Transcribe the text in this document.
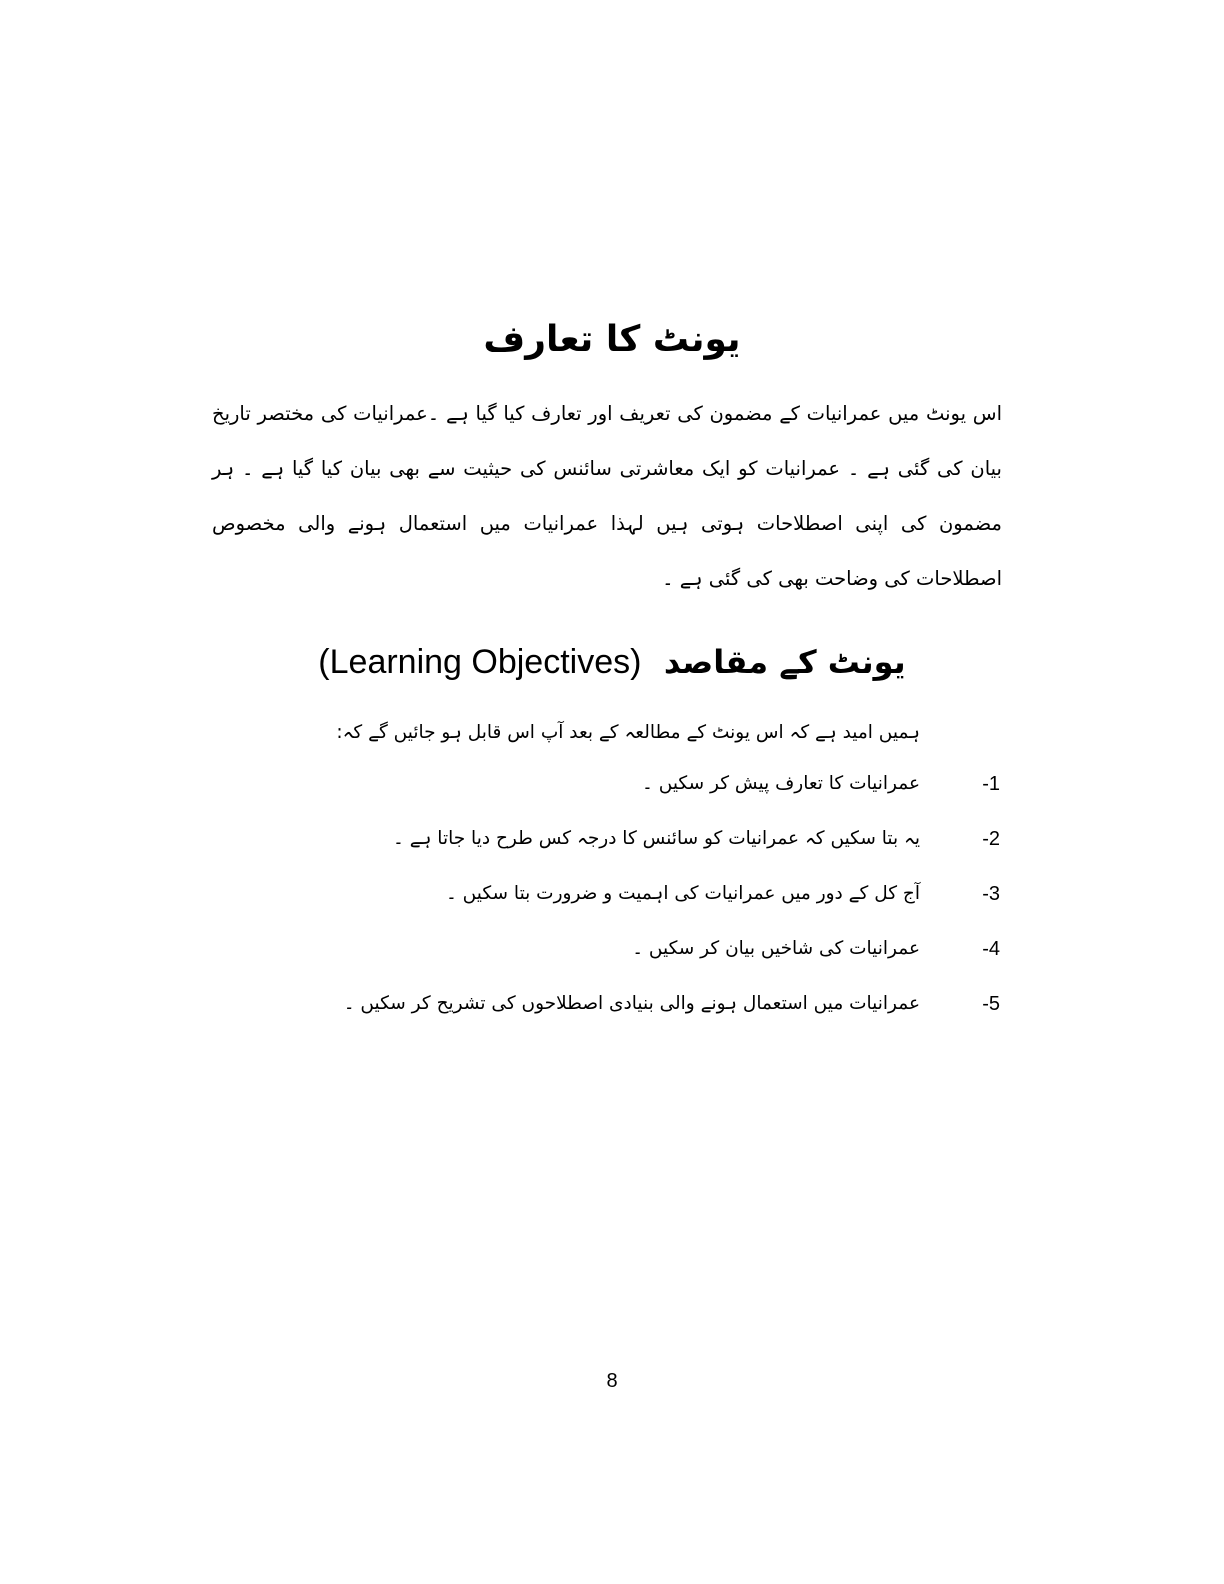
یونٹ کا تعارف

اس یونٹ میں عمرانیات کے مضمون کی تعریف اور تعارف کیا گیا ہے ۔عمرانیات کی مختصر تاریخ بیان کی گئی ہے ۔ عمرانیات کو ایک معاشرتی سائنس کی حیثیت سے بھی بیان کیا گیا ہے ۔ ہر مضمون کی اپنی اصطلاحات ہوتی ہیں لہذا عمرانیات میں استعمال ہونے والی مخصوص اصطلاحات کی وضاحت بھی کی گئی ہے ۔

یونٹ کے مقاصد (Learning Objectives)

ہمیں امید ہے کہ اس یونٹ کے مطالعہ کے بعد آپ اس قابل ہو جائیں گے کہ:

-1
عمرانیات کا تعارف پیش کر سکیں ۔
-2
یہ بتا سکیں کہ عمرانیات کو سائنس کا درجہ کس طرح دیا جاتا ہے ۔
-3
آج کل کے دور میں عمرانیات کی اہمیت و ضرورت بتا سکیں ۔
-4
عمرانیات کی شاخیں بیان کر سکیں ۔
-5
عمرانیات میں استعمال ہونے والی بنیادی اصطلاحوں کی تشریح کر سکیں ۔
8
